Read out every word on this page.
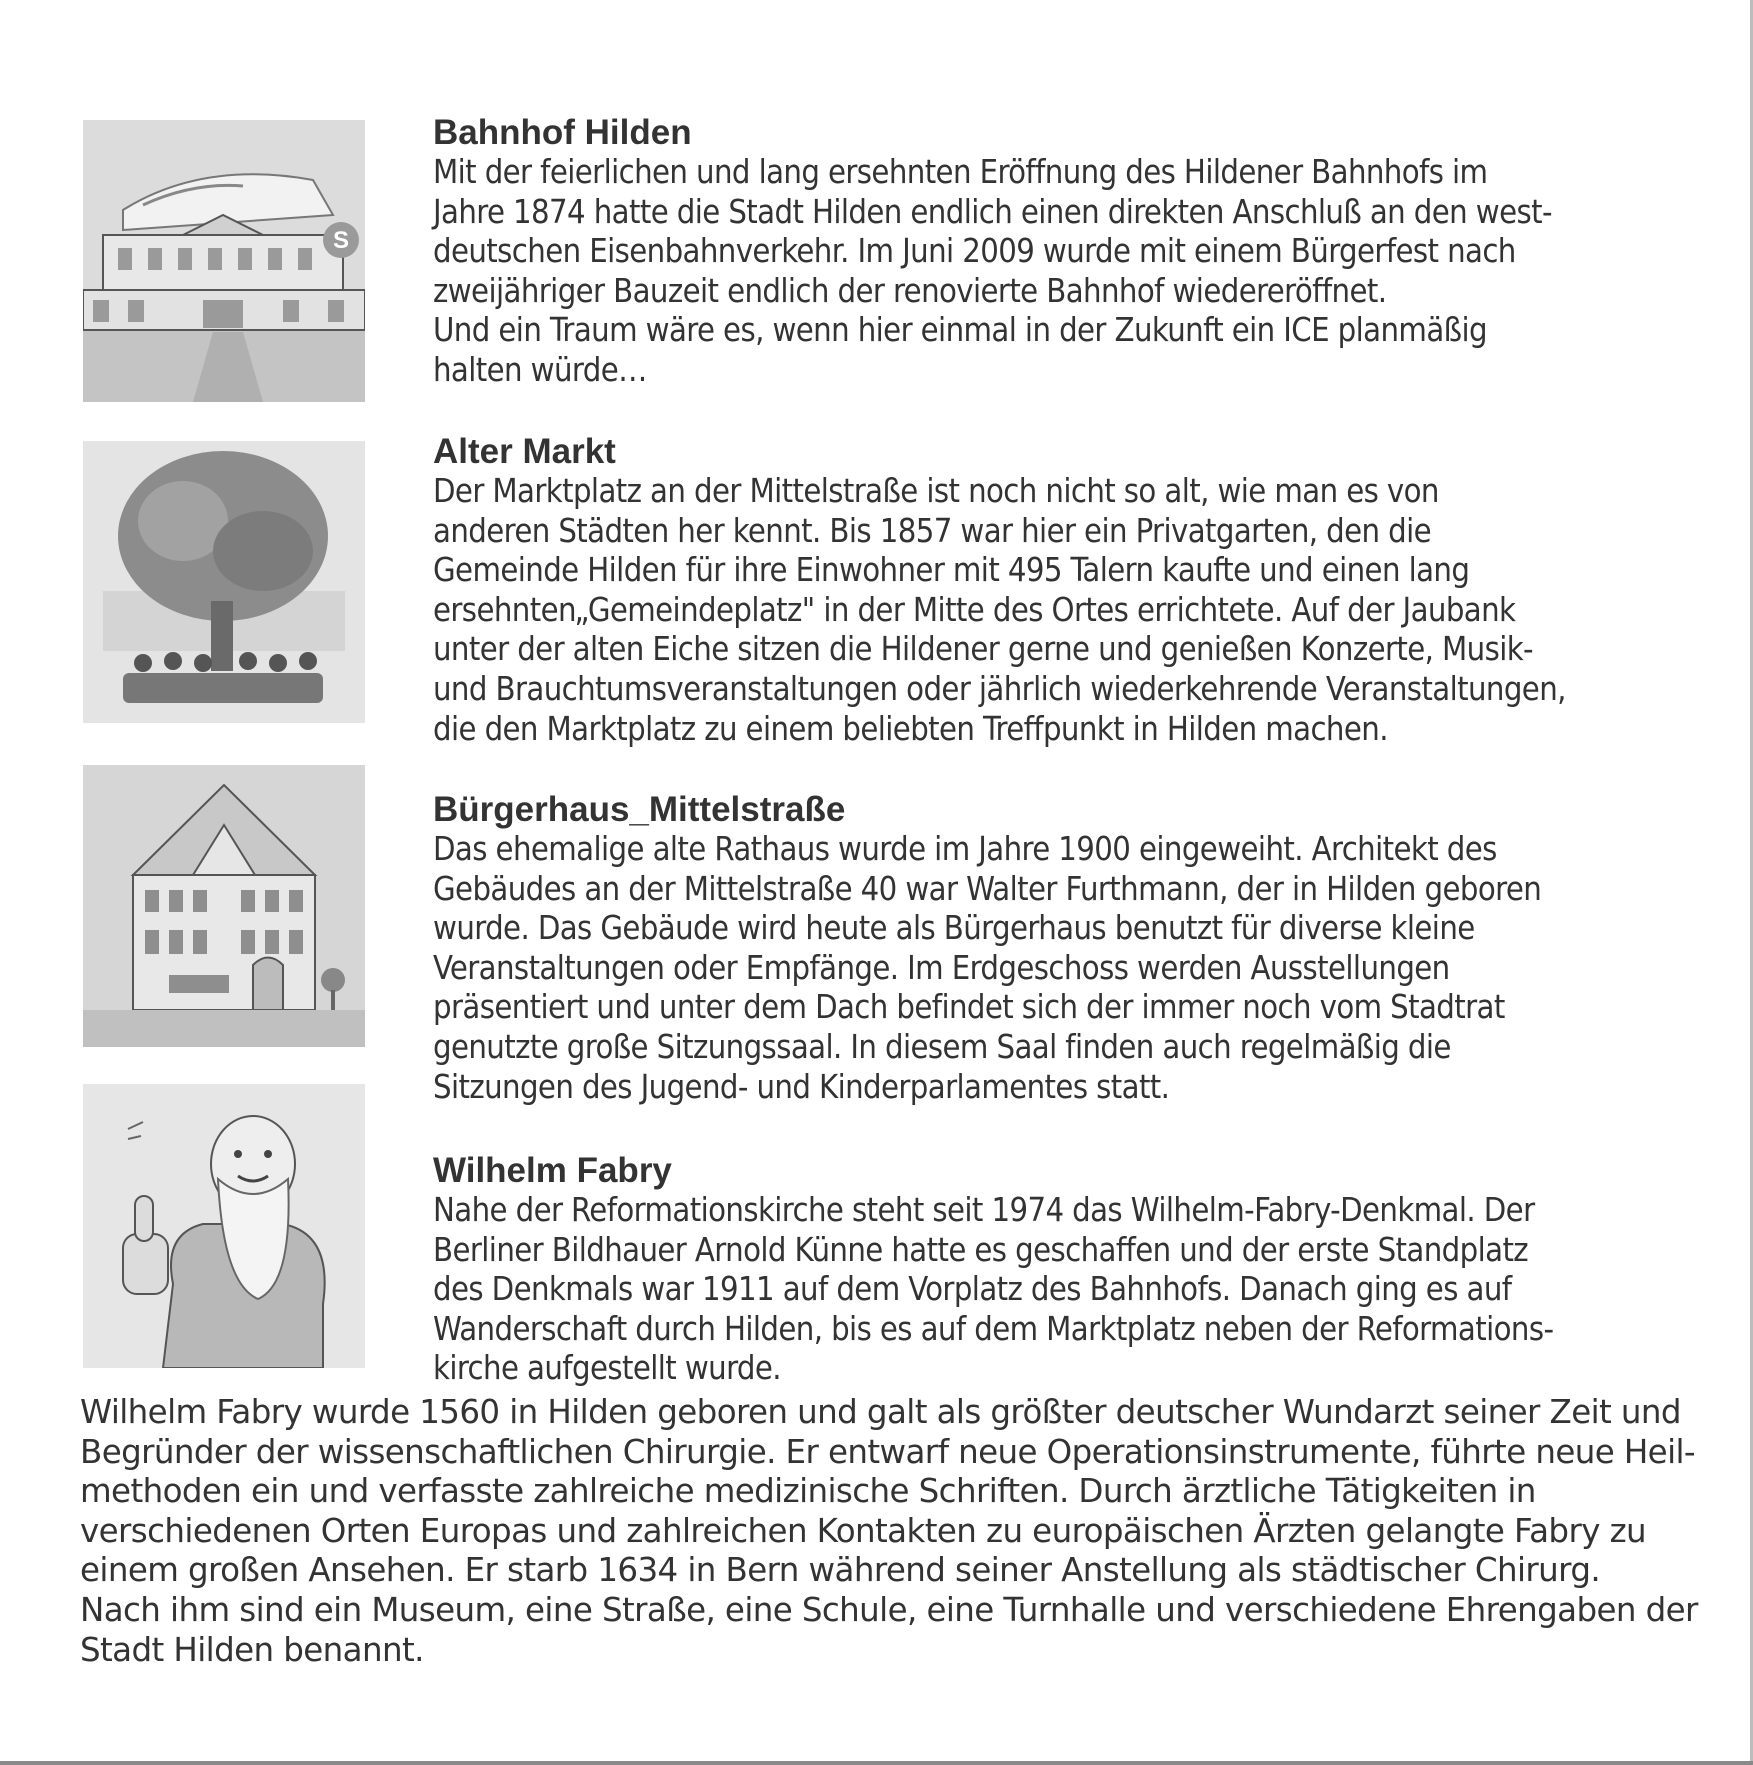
S
Bahnhof Hilden

Mit der feierlichen und lang ersehnten Eröffnung des Hildener Bahnhofs im
Jahre 1874 hatte die Stadt Hilden endlich einen direkten Anschluß an den west-
deutschen Eisenbahnverkehr. Im Juni 2009 wurde mit einem Bürgerfest nach
zweijähriger Bauzeit endlich der renovierte Bahnhof wiedereröffnet.
Und ein Traum wäre es, wenn hier einmal in der Zukunft ein ICE planmäßig
halten würde…

Alter Markt

Der Marktplatz an der Mittelstraße ist noch nicht so alt, wie man es von
anderen Städten her kennt. Bis 1857 war hier ein Privatgarten, den die
Gemeinde Hilden für ihre Einwohner mit 495 Talern kaufte und einen lang
ersehnten„Gemeindeplatz" in der Mitte des Ortes errichtete. Auf der Jaubank
unter der alten Eiche sitzen die Hildener gerne und genießen Konzerte, Musik-
und Brauchtumsveranstaltungen oder jährlich wiederkehrende Veranstaltungen,
die den Marktplatz zu einem beliebten Treffpunkt in Hilden machen.

Bürgerhaus_Mittelstraße

Das ehemalige alte Rathaus wurde im Jahre 1900 eingeweiht. Architekt des
Gebäudes an der Mittelstraße 40 war Walter Furthmann, der in Hilden geboren
wurde. Das Gebäude wird heute als Bürgerhaus benutzt für diverse kleine
Veranstaltungen oder Empfänge. Im Erdgeschoss werden Ausstellungen
präsentiert und unter dem Dach befindet sich der immer noch vom Stadtrat
genutzte große Sitzungssaal. In diesem Saal finden auch regelmäßig die
Sitzungen des Jugend- und Kinderparlamentes statt.

Wilhelm Fabry

Nahe der Reformationskirche steht seit 1974 das Wilhelm-Fabry-Denkmal. Der
Berliner Bildhauer Arnold Künne hatte es geschaffen und der erste Standplatz
des Denkmals war 1911 auf dem Vorplatz des Bahnhofs. Danach ging es auf
Wanderschaft durch Hilden, bis es auf dem Marktplatz neben der Reformations-
kirche aufgestellt wurde.

Wilhelm Fabry wurde 1560 in Hilden geboren und galt als größter deutscher Wundarzt seiner Zeit und
Begründer der wissenschaftlichen Chirurgie. Er entwarf neue Operationsinstrumente, führte neue Heil-
methoden ein und verfasste zahlreiche medizinische Schriften. Durch ärztliche Tätigkeiten in
verschiedenen Orten Europas und zahlreichen Kontakten zu europäischen Ärzten gelangte Fabry zu
einem großen Ansehen. Er starb 1634 in Bern während seiner Anstellung als städtischer Chirurg.
Nach ihm sind ein Museum, eine Straße, eine Schule, eine Turnhalle und verschiedene Ehrengaben der
Stadt Hilden benannt.
